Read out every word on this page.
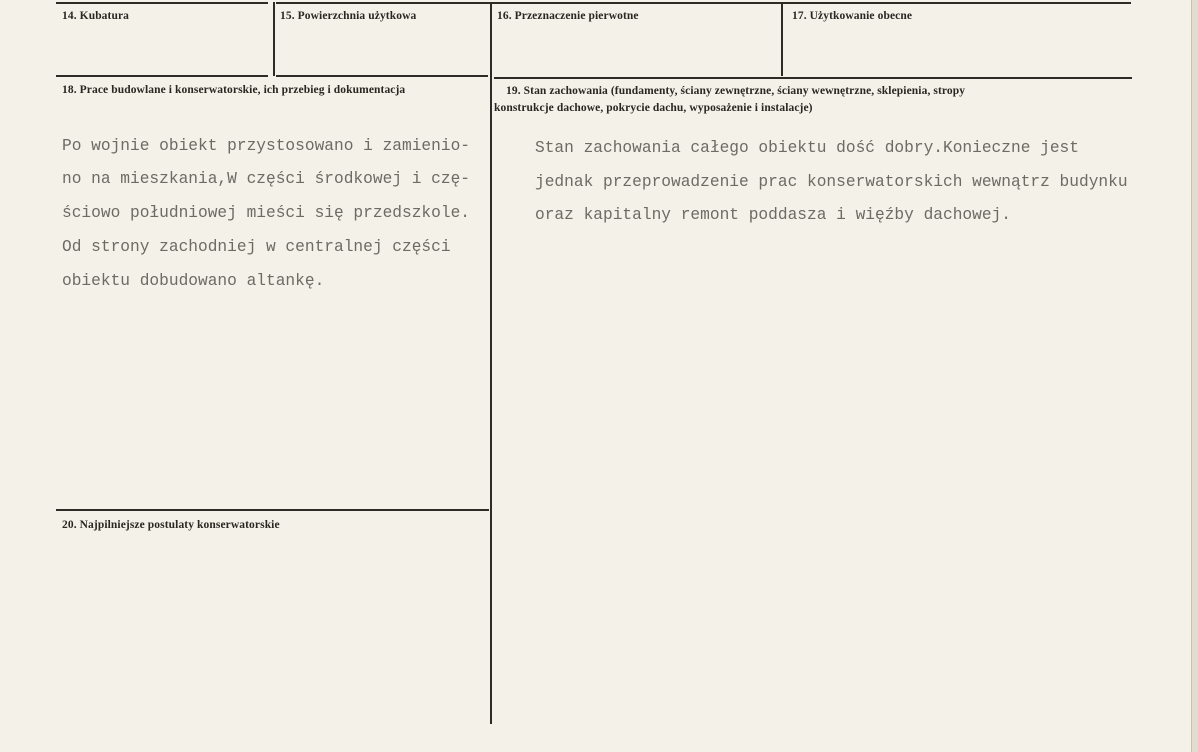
14. Kubatura	15. Powierzchnia użytkowa	16. Przeznaczenie pierwotne	17. Użytkowanie obecne
18. Prace budowlane i konserwatorskie, ich przebieg i dokumentacja
Po wojnie obiekt przystosowano i zamienio-
no na mieszkania,W części środkowej i czę-
ściowo południowej mieści się przedszkole.
Od strony zachodniej w centralnej części
obiektu dobudowano altankę.
19. Stan zachowania (fundamenty, ściany zewnętrzne, ściany wewnętrzne, sklepienia, stropy
konstrukcje dachowe, pokrycie dachu, wyposażenie i instalacje)
Stan zachowania całego obiektu dość dobry.Konieczne jest
jednak przeprowadzenie prac konserwatorskich wewnątrz budynku
oraz kapitalny remont poddasza i więźby dachowej.
20. Najpilniejsze postulaty konserwatorskie
